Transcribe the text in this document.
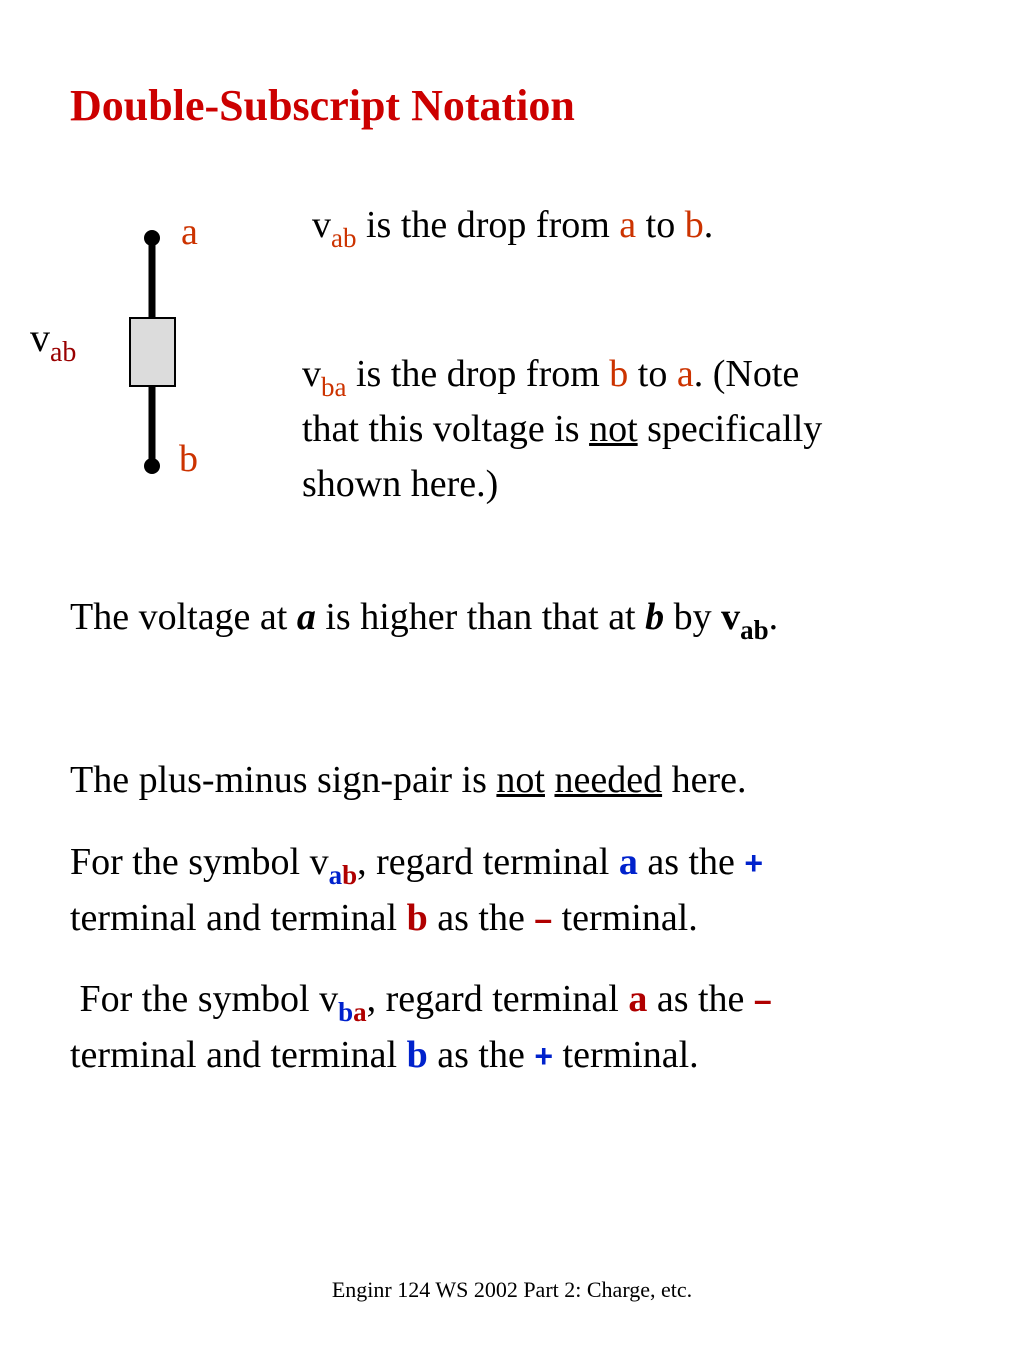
Double-Subscript Notation
a
b
$v_{ab}$
$v_{ab}$ is the drop from a to b.
$v_{ba}$ is the drop from b to a. (Note
that this voltage is not specifically
shown here.)
The voltage at a is higher than that at b by $v_{ab}$.
The plus-minus sign-pair is not needed here.
For the symbol $v_{ab}$, regard terminal a as the +
terminal and terminal b as the – terminal.
For the symbol $v_{ba}$, regard terminal a as the –
terminal and terminal b as the + terminal.
Enginr 124 WS 2002 Part 2: Charge, etc.
